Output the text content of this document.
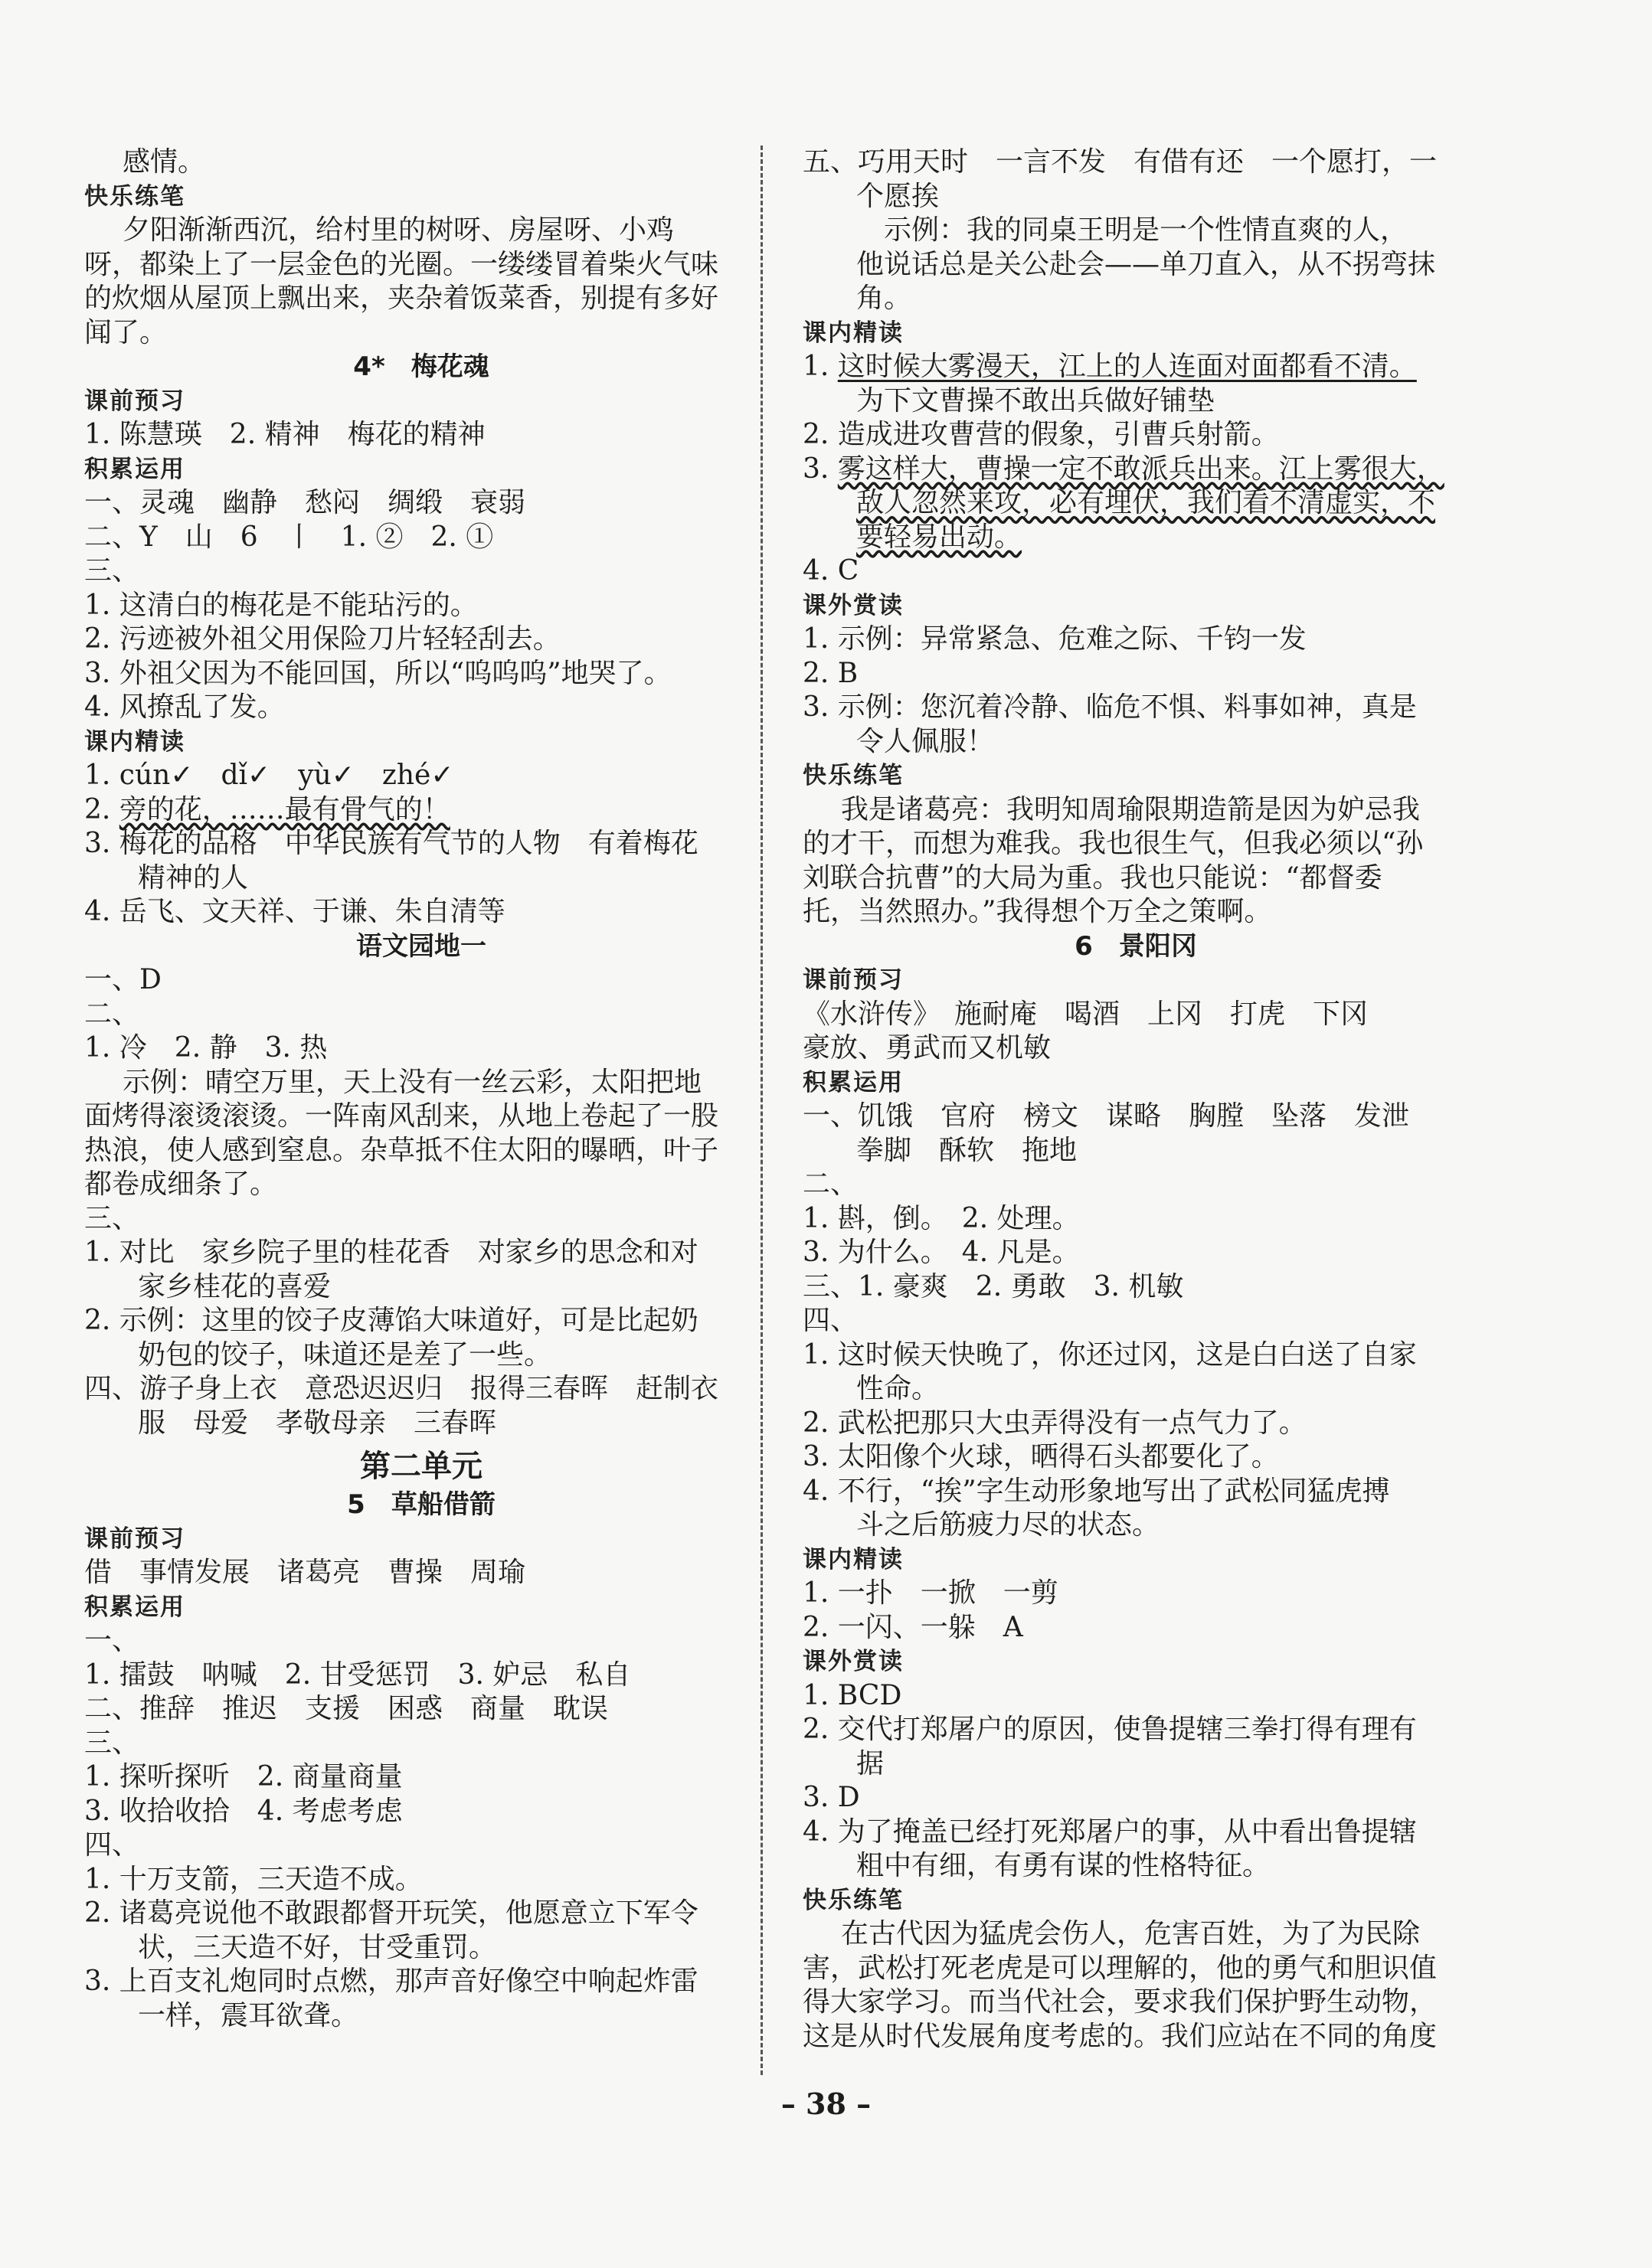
感情。

快乐练笔

夕阳渐渐西沉，给村里的树呀、房屋呀、小鸡

呀，都染上了一层金色的光圈。一缕缕冒着柴火气味

的炊烟从屋顶上飘出来，夹杂着饭菜香，别提有多好

闻了。

4*　梅花魂

课前预习

1. 陈慧瑛　2. 精神　梅花的精神

积累运用

一、灵魂　幽静　愁闷　绸缎　衰弱

二、Y　山　6　丨　1. ②　2. ①

三、

1. 这清白的梅花是不能玷污的。

2. 污迹被外祖父用保险刀片轻轻刮去。

3. 外祖父因为不能回国，所以“呜呜呜”地哭了。

4. 风撩乱了发。

课内精读

1. cún✓　dǐ✓　yù✓　zhé✓

2. 旁的花，……最有骨气的！

3. 梅花的品格　中华民族有气节的人物　有着梅花

精神的人

4. 岳飞、文天祥、于谦、朱自清等

语文园地一

一、D

二、

1. 冷　2. 静　3. 热

示例：晴空万里，天上没有一丝云彩，太阳把地

面烤得滚烫滚烫。一阵南风刮来，从地上卷起了一股

热浪，使人感到窒息。杂草抵不住太阳的曝晒，叶子

都卷成细条了。

三、

1. 对比　家乡院子里的桂花香　对家乡的思念和对

家乡桂花的喜爱

2. 示例：这里的饺子皮薄馅大味道好，可是比起奶

奶包的饺子，味道还是差了一些。

四、游子身上衣　意恐迟迟归　报得三春晖　赶制衣

服　母爱　孝敬母亲　三春晖

第二单元

5　草船借箭

课前预习

借　事情发展　诸葛亮　曹操　周瑜

积累运用

一、

1. 擂鼓　呐喊　2. 甘受惩罚　3. 妒忌　私自

二、推辞　推迟　支援　困惑　商量　耽误

三、

1. 探听探听　2. 商量商量

3. 收拾收拾　4. 考虑考虑

四、

1. 十万支箭，三天造不成。

2. 诸葛亮说他不敢跟都督开玩笑，他愿意立下军令

状，三天造不好，甘受重罚。

3. 上百支礼炮同时点燃，那声音好像空中响起炸雷

一样，震耳欲聋。

五、巧用天时　一言不发　有借有还　一个愿打，一

个愿挨

　示例：我的同桌王明是一个性情直爽的人，

他说话总是关公赴会——单刀直入，从不拐弯抹

角。

课内精读

1. 这时候大雾漫天，江上的人连面对面都看不清。

为下文曹操不敢出兵做好铺垫

2. 造成进攻曹营的假象，引曹兵射箭。

3. 雾这样大，曹操一定不敢派兵出来。江上雾很大，

敌人忽然来攻，必有埋伏，我们看不清虚实，不

要轻易出动。

4. C

课外赏读

1. 示例：异常紧急、危难之际、千钧一发

2. B

3. 示例：您沉着冷静、临危不惧、料事如神，真是

令人佩服！

快乐练笔

我是诸葛亮：我明知周瑜限期造箭是因为妒忌我

的才干，而想为难我。我也很生气，但我必须以“孙

刘联合抗曹”的大局为重。我也只能说：“都督委

托，当然照办。”我得想个万全之策啊。

6　景阳冈

课前预习

《水浒传》　施耐庵　喝酒　上冈　打虎　下冈

豪放、勇武而又机敏

积累运用

一、饥饿　官府　榜文　谋略　胸膛　坠落　发泄

拳脚　酥软　拖地

二、

1. 斟，倒。　2. 处理。

3. 为什么。　4. 凡是。

三、1. 豪爽　2. 勇敢　3. 机敏

四、

1. 这时候天快晚了，你还过冈，这是白白送了自家

性命。

2. 武松把那只大虫弄得没有一点气力了。

3. 太阳像个火球，晒得石头都要化了。

4. 不行，“挨”字生动形象地写出了武松同猛虎搏

斗之后筋疲力尽的状态。

课内精读

1. 一扑　一掀　一剪

2. 一闪、一躲　A

课外赏读

1. BCD

2. 交代打郑屠户的原因，使鲁提辖三拳打得有理有

据

3. D

4. 为了掩盖已经打死郑屠户的事，从中看出鲁提辖

粗中有细，有勇有谋的性格特征。

快乐练笔

在古代因为猛虎会伤人，危害百姓，为了为民除

害，武松打死老虎是可以理解的，他的勇气和胆识值

得大家学习。而当代社会，要求我们保护野生动物，

这是从时代发展角度考虑的。我们应站在不同的角度

– 38 –
